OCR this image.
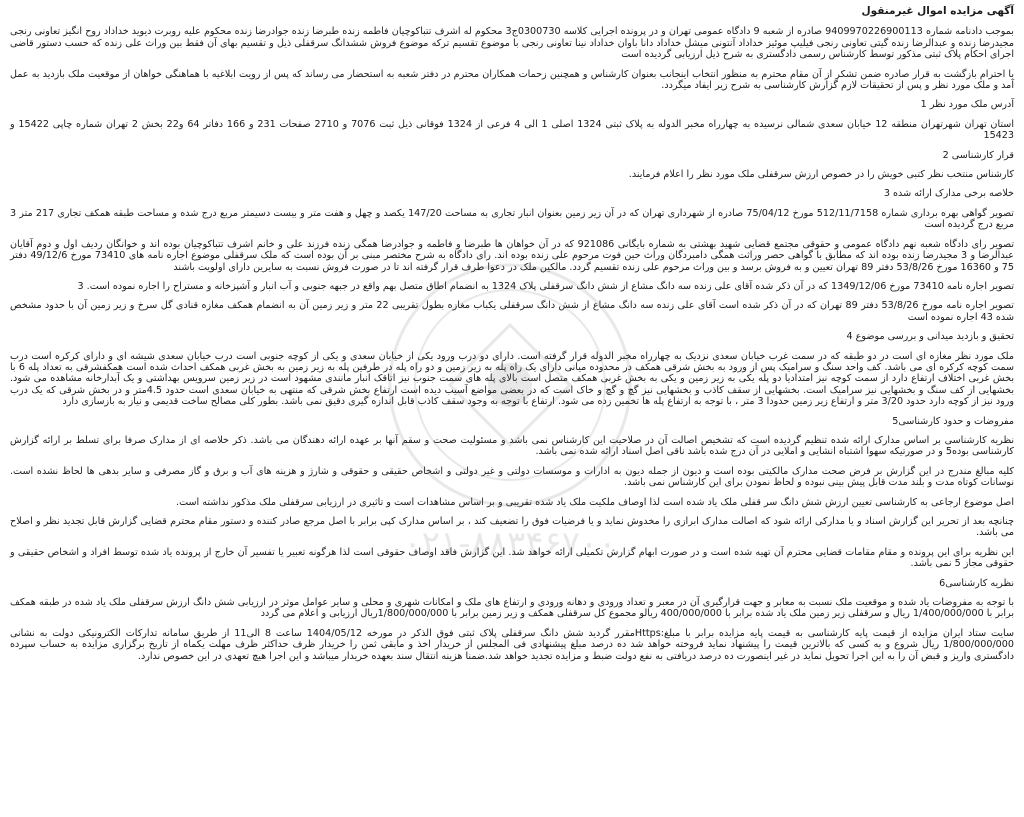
آگهی مزایده اموال غیرمنقول
بموجب دادنامه شماره 9409970226900113 صادره از شعبه 9 دادگاه عمومی تهران و در پرونده اجرایی کلاسه 0300730ج3 محکوم له اشرف تتباکوچیان فاطمه زنده طبرضا زنده جوادرضا زنده محکوم علیه روبرت دیوید خداداد روح انگیز تعاونی رنجی مجیدرضا زنده و عبدالرضا زنده گیتی تعاونی رنجی فیلیپ موئیز خداداد آنتونی میشل خداداد دانا باوان خداداد نینا تعاونی رنجی با موضوع تقسیم ترکه موضوع فروش ششدانگ سرقفلی ذیل و تقسیم بهای آن فقط بین وراث علی زنده که حسب دستور قاضی اجرای احکام پلاک ثبتی مذکور توسط کارشناس رسمی دادگستری به شرح ذیل ارزیابی گردیده است
با احترام بازگشت به قرار صادره ضمن تشکر از آن مقام محترم به منظور انتخاب اینجانب بعنوان کارشناس و همچنین زحمات همکاران محترم در دفتر شعبه به استحضار می رساند که پس از رویت ابلاغیه با هماهنگی خواهان از موقعیت ملک بازدید به عمل آمد و ملک مورد نظر و پس از تحقیقات لازم گزارش کارشناسی به شرح زیر ایفاد میگردد.
آدرس ملک مورد نظر 1
استان تهران شهرتهران منطقه 12 خیابان سعدی شمالی نرسیده به چهارراه مخبر الدوله به پلاک ثبتی 1324 اصلی 1 الی 4 فرعی از 1324 فوقانی ذیل ثبت 7076 و 2710 صفحات 231 و 166 دفاتر 64 و22 بخش 2 تهران شماره چاپی 15422 و 15423
قرار کارشناسی 2
کارشناس منتخب نظر کتبی خویش را در خصوص ارزش سرقفلی ملک مورد نظر را اعلام فرمایند.
خلاصه برخی مدارک ارائه شده 3
تصویر گواهی بهره برداری شماره 512/11/7158 مورخ 75/04/12 صادره از شهرداری تهران که در آن زیر زمین بعنوان انبار تجاری به مساحت 147/20 یکصد و چهل و هفت متر و بیست دسیمتر مربع درج شده و مساحت طبقه همکف تجاری 217 متر 3 مربع درج گردیده است
تصویر رای دادگاه شعبه نهم دادگاه عمومی و حقوقی مجتمع قضایی شهید بهشتی به شماره بایگانی 921086 که در آن خواهان ها طبرضا و فاطمه و جوادرضا همگی زنده فرزند علی و خانم اشرف تتباکوچیان بوده اند و خوانگان ردیف اول و دوم آقایان عبدالرضا و 3 مجیدرضا زنده بوده اند که مطابق با گواهی حصر وراثت همگی دامبردگان وراث حین فوت مرحوم علی زنده بوده اند. رای دادگاه به شرح مختصر مبنی بر آن بوده است که ملک سرقفلی موضوع اجاره نامه های 73410 مورخ 49/12/6 دفتر 75 و 16360 مورخ 53/8/26 دفتر 89 تهران تعیین و به فروش برسد و بین وراث مرحوم علی زنده تقسیم گردد. مالکین ملک در دعوا طرف قرار گرفته اند تا در صورت فروش نسبت به سایرین دارای اولویت باشند
تصویر اجاره نامه 73410 مورخ 1349/12/06 که در آن ذکر شده آقای علی زنده سه دانگ مشاع از شش دانگ سرقفلی پلاک 1324 به انضمام اطاق متصل بهم واقع در جبهه جنوبی و آب انبار و آشپزخانه و مستراح را اجاره نموده است. 3
تصویر اجاره نامه مورخ 53/8/26 دفتر 89 تهران که در آن ذکر شده است آقای علی زنده سه دانگ مشاع از شش دانگ سرقفلی یکباب مغازه بطول تقریبی 22 متر و زیر زمین آن به انضمام همکف مغازه قنادی گل سرخ و زیر زمین آن با حدود مشخص شده 43 اجاره نموده است
تحقیق و بازدید میدانی و بررسی موضوع 4
ملک مورد نظر مغازه ای است در دو طبقه که در سمت غرب خیابان سعدی نزدیک به چهارراه مخبر الدوله قرار گرفته است. دارای دو درب ورود یکی از خیابان سعدی و یکی از کوچه جنوبی است درب خیابان سعدی شیشه ای و دارای کرکره است درب سمت کوچه کرکره ای می باشد. کف واحد سنگ و سرامیک پس از ورود به بخش شرقی همکف در محدوده میانی دارای یک راه پله به زیر زمین و دو راه پله در طرفین پله به زیر زمین به بخش غربی همکف احداث شده است همکفشرقی به تعداد پله 6 با بخش غربی اختلاف ارتفاع دارد از سمت کوچه نیز امتدادیا دو پله یکی به زیر زمین و یکی به بخش غربی همکف متصل است بالای پله های سمت جنوب نیز اتاقک انبار مانندی مشهود است در زیر زمین سرویس بهداشتی و یک آبدارخانه مشاهده می شود. بخشهایی از کف سنگ و بخشهایی نیز سرامیک است. بخشهایی از سقف کاذب و بخشهایی نیز گچ و گچ و خاک است که در بعضی مواضع آسیب دیده است ارتفاع بخش شرقی که منتهی به خیابان سعدی است حدود 4.5متر و در بخش شرقی که یک درب ورود نیز از کوچه دارد حدود 3/20 متر و ارتفاع زیر زمین حدودا 3 متر ، با توجه به ارتفاع پله ها تخمین زده می شود. ارتفاع با توجه به وجود سقف کاذب قابل اندازه گیری دقیق نمی باشد. بطور کلی مصالح ساخت قدیمی و نیاز به بازسازی دارد
مفروضات و حدود کارشناسی5
نظریه کارشناسی بر اساس مدارک ارائه شده تنظیم گردیده است که تشخیص اصالت آن در صلاحیت این کارشناس نمی باشد و مسئولیت صحت و سقم آنها بر عهده ارائه دهندگان می باشد. ذکر خلاصه ای از مدارک صرفا برای تسلط بر ارائه گزارش کارشناسی بوده5 و در صورتیکه سهوا اشتباه انشایی و املایی در آن درج شده باشد ناقی اصل اسناد ارائه شده نمی باشد.
کلیه مبالغ مندرج در این گزارش بر فرض صحت مدارک مالکیتی بوده است و دیون از جمله دیون به ادارات و موسسات دولتی و غیر دولتی و اشخاص حقیقی و حقوقی و شارژ و هزینه های آب و برق و گاز مصرفی و سایر بدهی ها لحاظ نشده است. نوسانات کوتاه مدت و بلند مدت قابل پیش بینی نبوده و لحاظ نمودن برای این کارشناس نمی باشد.
اصل موضوع ارجاعی به کارشناسی تعیین ارزش شش دانگ سر قفلی ملک یاد شده است لذا اوصاف ملکیت ملک یاد شده تقریبی و بر اساس مشاهدات است و تاثیری در ارزیابی سرقفلی ملک مذکور نداشته است.
چنانچه بعد از تحریر این گزارش اسناد و یا مدارکی ارائه شود که اصالت مدارک ابرازی را مخدوش نماید و یا فرضیات فوق را تضعیف کند ، بر اساس مدارک کپی برابر با اصل مرجع صادر کننده و دستور مقام محترم قضایی گزارش قابل تجدید نظر و اصلاح می باشد.
این نظریه برای این پرونده و مقام مقامات قضایی محترم آن تهیه شده است و در صورت ابهام گزارش تکمیلی ارائه خواهد شد. این گزارش فاقد اوصاف حقوقی است لذا هرگونه تعبیر یا تفسیر آن خارج از پرونده یاد شده توسط افراد و اشخاص حقیقی و حقوقی مجاز 5 نمی باشد.
نظریه کارشناسی6
با توجه به مفروضات یاد شده و موقعیت ملک نسبت به معابر و جهت قرارگیری آن در معبر و تعداد ورودی و دهانه ورودی و ارتفاع های ملک و امکانات شهری و محلی و سایر عوامل موثر در ارزیابی شش دانگ ارزش سرقفلی ملک یاد شده در طبقه همکف برابر با 1/400/000/000 ریال و سرقفلی زیر زمین ملک یاد شده برابر با 400/000/000 ریالو مجموع کل سرقفلی همکف و زیر زمین برابر با 1/800/000/000ریال ارزیابی و اعلام می گردد
سایت ستاد ایران مزایده از قیمت پایه کارشناسی به قیمت پایه مزایده برابر با مبلغ:Httpsمقرر گردید شش دانگ سرقفلی پلاک ثبتی فوق الذکر در مورخه 1404/05/12 ساعت 8 الی11 از طریق سامانه تدارکات الکترونیکی دولت به نشانی 1/800/000/000 ریال شروع و به کسی که بالاترین قیمت را پیشنهاد نماید فروخته خواهد شد ده درصد مبلغ پیشنهادی فی المجلس از خریدار اخذ و مابقی ثمن را خریدار ظرف حداکثر ظرف مهلت یکماه از تاریخ برگزاری مزایده به حساب سپرده دادگستری واریز و قبض آن را به این اجرا تحویل نماید در غیر اینصورت ده درصد دریافتی به نفع دولت ضبط و مزایده تجدید خواهد شد.ضمنا هزینه انتقال سند بعهده خریدار میباشد و این اجرا هیچ تعهدی در این خصوص ندارد.
۰۲۱-۸۸۳۴۶۷۰۰
